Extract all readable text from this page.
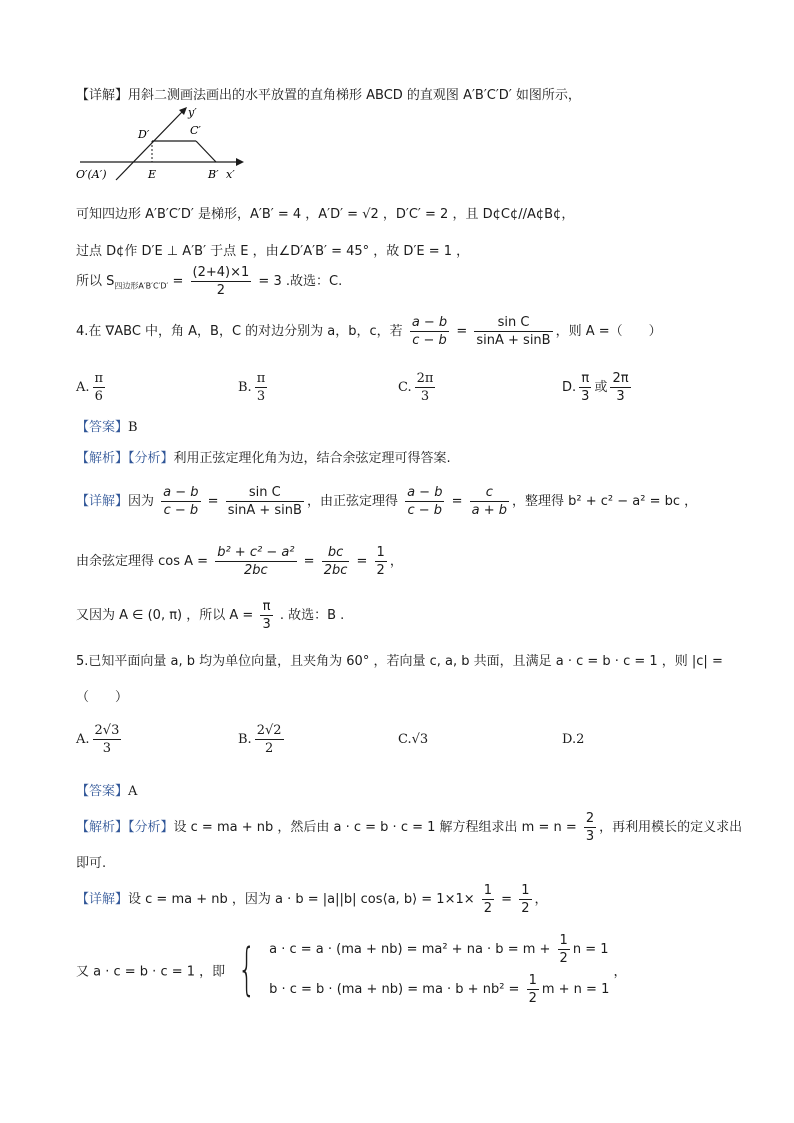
【详解】用斜二测画法画出的水平放置的直角梯形 ABCD 的直观图 A′B′C′D′ 如图所示，
y′
D′	C′
O′(A′)	E	B′ x′
可知四边形 A′B′C′D′ 是梯形，A′B′ = 4 ，A′D′ = √2 ，D′C′ = 2 ，且 D¢C¢//A¢B¢，
过点 D¢作 D′E ⊥ A′B′ 于点 E ，由∠D′A′B′ = 45° ，故 D′E = 1 ，
所以 $S_{四边形A'B'C'D'} = \frac{(2+4)\times 1}{2} = 3$ .故选：C.
4.在 ∇ABC 中，角 A，B，C 的对边分别为 a，b，c，若 $\frac{a - b}{c - b} = \frac{\text{sin C}}{\sin A + \sin B}$ ，则 A =（　　）
A. $\frac{\pi}{6}$	B. $\frac{\pi}{3}$	C. $\frac{2\pi}{3}$	D. $\frac{\pi}{3}$ 或 $\frac{2\pi}{3}$
【答案】B
【解析】【分析】利用正弦定理化角为边，结合余弦定理可得答案.
【详解】因为 $\frac{a - b}{c - b} = \frac{\text{sin C}}{\sin A + \sin B}$ ，由正弦定理得 $\frac{a - b}{c - b} = \frac{c}{a + b}$ ，整理得 b² + c² − a² = bc ，
由余弦定理得 $\cos A = \frac{\text{b² + c² − a²}}{2bc} = \frac{bc}{2bc} = \frac{1}{2}$ ，
又因为 A ∈ (0, π) ，所以 $A = \frac{\pi}{3}$ . 故选：B .
5.已知平面向量 a, b 均为单位向量，且夹角为 60° ，若向量 c, a, b 共面，且满足 a · c = b · c = 1 ，则 |c| =
（　　）
A. $\frac{2√3}{3}$	B. $\frac{2√2}{2}$	C.√3	D.2
【答案】A
【解析】【分析】设 c = ma + nb ，然后由 a · c = b · c = 1 解方程组求出 $m = n = \frac{2}{3}$ ，再利用模长的定义求出
即可.
【详解】设 c = ma + nb ，因为 a · b = |a||b| cos⟨a, b⟩ = $1\times 1\times \frac{1}{2} = \frac{1}{2}$ ，
又 a · c = b · c = 1 ，即 { a · c = a · (ma + nb) = ma² + na · $b = m + \frac{1}{2}$ n = 1
b · c = b · (ma + nb) = ma · $b + nb^2 = \frac{1}{2}$ m + n = 1
，
